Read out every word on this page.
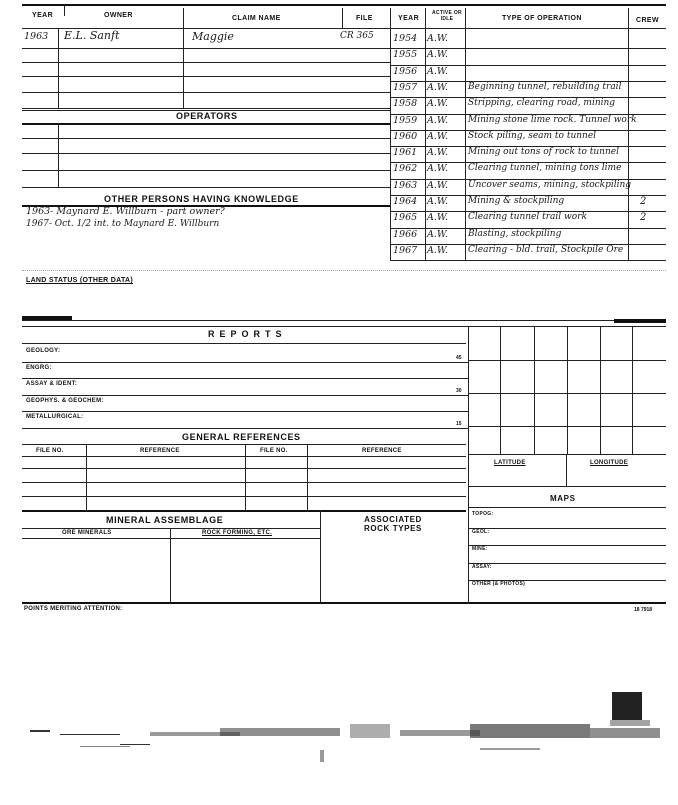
YEAR	OWNER	CLAIM NAME	FILE	YEAR
ACTIVE OR IDLE	TYPE OF OPERATION	CREW
1963 E.L. Sanft	Maggie	CR 365
OPERATORS
OTHER PERSONS HAVING KNOWLEDGE
1963- Maynard E. Willburn - part owner?
1967- Oct. 1/2 int. to Maynard E. Willburn
1954 A.W.
1955 A.W.
1956 A.W.
1957 A.W. Beginning tunnel, rebuilding trail
1958 A.W. Stripping, clearing road, mining
1959 A.W. Mining stone lime rock. Tunnel work
1960 A.W. Stock piling, seam to tunnel
1961 A.W. Mining out tons of rock to tunnel
1962 A.W. Clearing tunnel, mining tons lime
1963 A.W. Uncover seams, mining, stockpiling
1964 A.W. Mining & stockpiling	2
1965 A.W. Clearing tunnel trail work	2
1966 A.W. Blasting, stockpiling
1967 A.W. Clearing - bld. trail, Stockpile Ore
LAND STATUS (OTHER DATA)
REPORTS
GEOLOGY:
45
ENGRG:
ASSAY & IDENT:
30
GEOPHYS. & GEOCHEM:
METALLURGICAL:
15
LATITUDE	LONGITUDE
MAPS
TOPOG:
GEOL:
MINE:
ASSAY:
OTHER (& PHOTOS)
GENERAL REFERENCES
FILE NO.	REFERENCE	FILE NO.	REFERENCE
MINERAL ASSEMBLAGE	ASSOCIATED ROCK TYPES
ORE MINERALS	ROCK FORMING, ETC.
POINTS MERITING ATTENTION:	18 7918
